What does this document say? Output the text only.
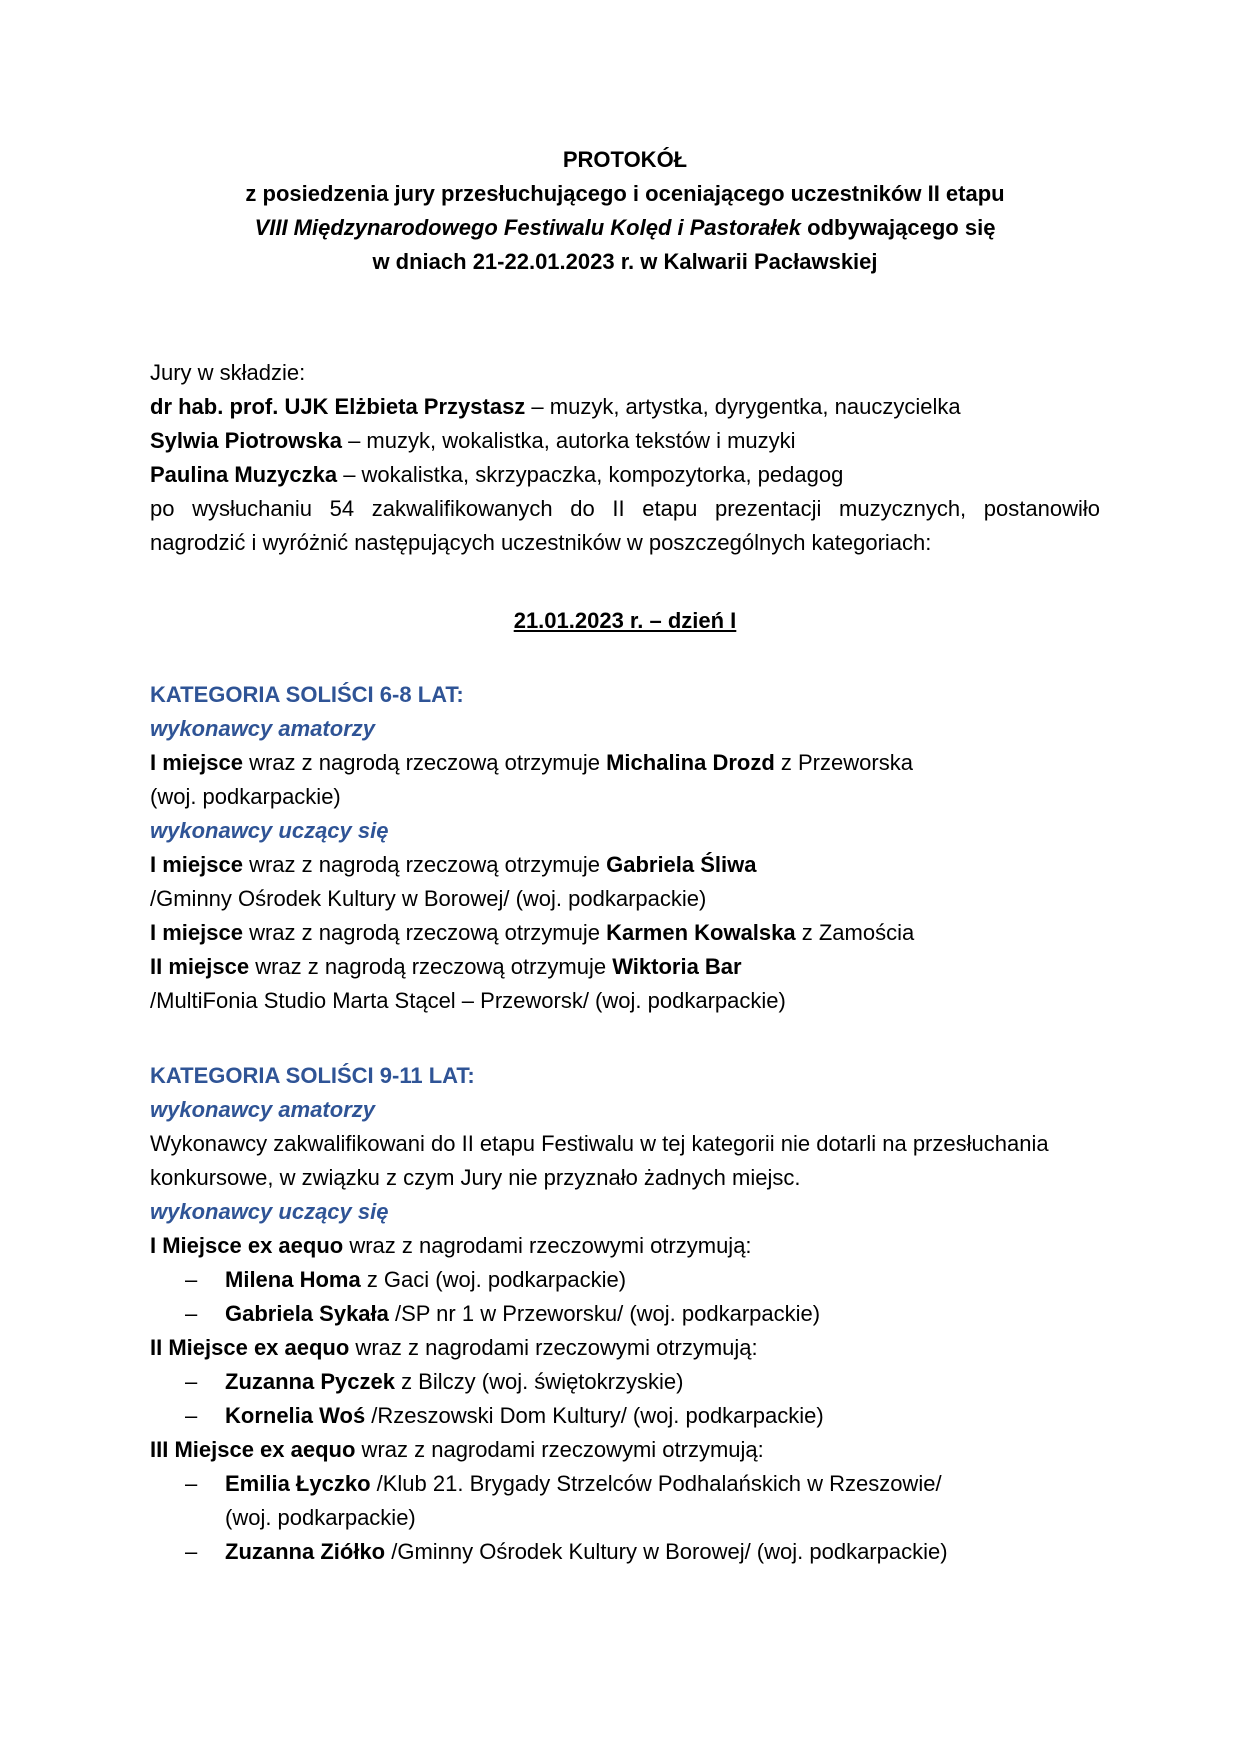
PROTOKÓŁ
z posiedzenia jury przesłuchującego i oceniającego uczestników II etapu
VIII Międzynarodowego Festiwalu Kolęd i Pastorałek odbywającego się
w dniach 21-22.01.2023 r. w Kalwarii Pacławskiej
Jury w składzie:
dr hab. prof. UJK Elżbieta Przystasz – muzyk, artystka, dyrygentka, nauczycielka
Sylwia Piotrowska – muzyk, wokalistka, autorka tekstów i muzyki
Paulina Muzyczka – wokalistka, skrzypaczka, kompozytorka, pedagog
po wysłuchaniu 54 zakwalifikowanych do II etapu prezentacji muzycznych, postanowiło
nagrodzić i wyróżnić następujących uczestników w poszczególnych kategoriach:
21.01.2023 r. – dzień I
KATEGORIA SOLIŚCI 6-8 LAT:
wykonawcy amatorzy
I miejsce wraz z nagrodą rzeczową otrzymuje Michalina Drozd z Przeworska
(woj. podkarpackie)
wykonawcy uczący się
I miejsce wraz z nagrodą rzeczową otrzymuje Gabriela Śliwa
/Gminny Ośrodek Kultury w Borowej/ (woj. podkarpackie)
I miejsce wraz z nagrodą rzeczową otrzymuje Karmen Kowalska z Zamościa
II miejsce wraz z nagrodą rzeczową otrzymuje Wiktoria Bar
/MultiFonia Studio Marta Stącel – Przeworsk/ (woj. podkarpackie)
KATEGORIA SOLIŚCI 9-11 LAT:
wykonawcy amatorzy
Wykonawcy zakwalifikowani do II etapu Festiwalu w tej kategorii nie dotarli na przesłuchania
konkursowe, w związku z czym Jury nie przyznało żadnych miejsc.
wykonawcy uczący się
I Miejsce ex aequo wraz z nagrodami rzeczowymi otrzymują:
– Milena Homa z Gaci (woj. podkarpackie)
– Gabriela Sykała /SP nr 1 w Przeworsku/ (woj. podkarpackie)
II Miejsce ex aequo wraz z nagrodami rzeczowymi otrzymują:
– Zuzanna Pyczek z Bilczy (woj. świętokrzyskie)
– Kornelia Woś /Rzeszowski Dom Kultury/ (woj. podkarpackie)
III Miejsce ex aequo wraz z nagrodami rzeczowymi otrzymują:
– Emilia Łyczko /Klub 21. Brygady Strzelców Podhalańskich w Rzeszowie/
(woj. podkarpackie)
– Zuzanna Ziółko /Gminny Ośrodek Kultury w Borowej/ (woj. podkarpackie)
